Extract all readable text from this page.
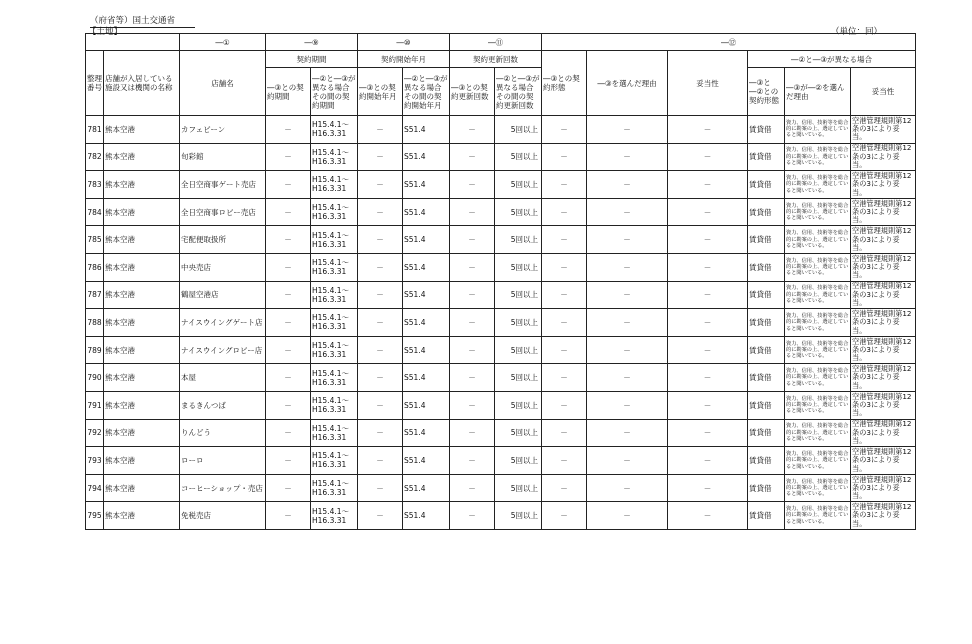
（府省等）国土交通省
【土地】	（単位：回）
		―①	―⑨		―⑩		―⑪		―⑫					
整理番号	店舗が入居している施設又は機関の名称	店舗名	契約期間		契約開始年月		契約更新回数		―③との契約形態	―③を選んだ理由	妥当性	―②と―③が異なる場合		
			―③との契約期間	―②と―③が異なる場合その間の契約期間	―③との契約開始年月	―②と―③が異なる場合その間の契約開始年月	―③との契約更新回数	―②と―③が異なる場合その間の契約更新回数				―③と―②との契約形態	―③が―②を選んだ理由	妥当性
781	熊本空港	カフェビーン	－	H15.4.1～H16.3.31	－	S51.4	－	5回以上	－	－	－	賃貸借	資力、信用、技術等を総合的に勘案の上、選定していると聞いている。	空港管理規則第12条の3により妥当。
782	熊本空港	旬彩館	－	H15.4.1～H16.3.31	－	S51.4	－	5回以上	－	－	－	賃貸借	資力、信用、技術等を総合的に勘案の上、選定していると聞いている。	空港管理規則第12条の3により妥当。
783	熊本空港	全日空商事ゲート売店	－	H15.4.1～H16.3.31	－	S51.4	－	5回以上	－	－	－	賃貸借	資力、信用、技術等を総合的に勘案の上、選定していると聞いている。	空港管理規則第12条の3により妥当。
784	熊本空港	全日空商事ロビー売店	－	H15.4.1～H16.3.31	－	S51.4	－	5回以上	－	－	－	賃貸借	資力、信用、技術等を総合的に勘案の上、選定していると聞いている。	空港管理規則第12条の3により妥当。
785	熊本空港	宅配便取扱所	－	H15.4.1～H16.3.31	－	S51.4	－	5回以上	－	－	－	賃貸借	資力、信用、技術等を総合的に勘案の上、選定していると聞いている。	空港管理規則第12条の3により妥当。
786	熊本空港	中央売店	－	H15.4.1～H16.3.31	－	S51.4	－	5回以上	－	－	－	賃貸借	資力、信用、技術等を総合的に勘案の上、選定していると聞いている。	空港管理規則第12条の3により妥当。
787	熊本空港	鶴屋空港店	－	H15.4.1～H16.3.31	－	S51.4	－	5回以上	－	－	－	賃貸借	資力、信用、技術等を総合的に勘案の上、選定していると聞いている。	空港管理規則第12条の3により妥当。
788	熊本空港	ナイスウイングゲート店	－	H15.4.1～H16.3.31	－	S51.4	－	5回以上	－	－	－	賃貸借	資力、信用、技術等を総合的に勘案の上、選定していると聞いている。	空港管理規則第12条の3により妥当。
789	熊本空港	ナイスウイングロビー店	－	H15.4.1～H16.3.31	－	S51.4	－	5回以上	－	－	－	賃貸借	資力、信用、技術等を総合的に勘案の上、選定していると聞いている。	空港管理規則第12条の3により妥当。
790	熊本空港	本屋	－	H15.4.1～H16.3.31	－	S51.4	－	5回以上	－	－	－	賃貸借	資力、信用、技術等を総合的に勘案の上、選定していると聞いている。	空港管理規則第12条の3により妥当。
791	熊本空港	まるきんつば	－	H15.4.1～H16.3.31	－	S51.4	－	5回以上	－	－	－	賃貸借	資力、信用、技術等を総合的に勘案の上、選定していると聞いている。	空港管理規則第12条の3により妥当。
792	熊本空港	りんどう	－	H15.4.1～H16.3.31	－	S51.4	－	5回以上	－	－	－	賃貸借	資力、信用、技術等を総合的に勘案の上、選定していると聞いている。	空港管理規則第12条の3により妥当。
793	熊本空港	ローロ	－	H15.4.1～H16.3.31	－	S51.4	－	5回以上	－	－	－	賃貸借	資力、信用、技術等を総合的に勘案の上、選定していると聞いている。	空港管理規則第12条の3により妥当。
794	熊本空港	コーヒーショップ・売店	－	H15.4.1～H16.3.31	－	S51.4	－	5回以上	－	－	－	賃貸借	資力、信用、技術等を総合的に勘案の上、選定していると聞いている。	空港管理規則第12条の3により妥当。
795	熊本空港	免税売店	－	H15.4.1～H16.3.31	－	S51.4	－	5回以上	－	－	－	賃貸借	資力、信用、技術等を総合的に勘案の上、選定していると聞いている。	空港管理規則第12条の3により妥当。
